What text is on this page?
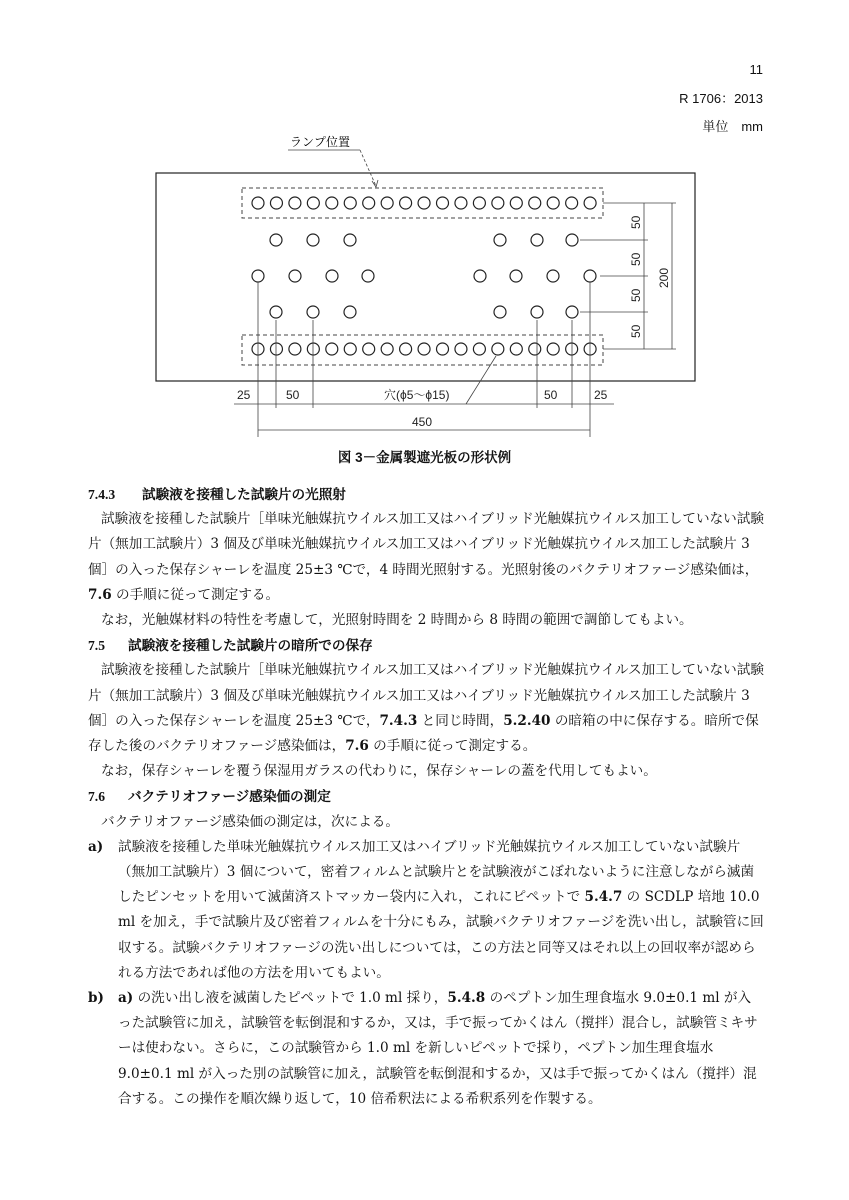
11
R 1706：2013
単位　mm
ランプ位置
25	50	穴(ϕ5～ϕ15)	50	25
450
50
50
50
50
200
図 3－金属製遮光板の形状例
7.4.3 試験液を接種した試験片の光照射

試験液を接種した試験片［単味光触媒抗ウイルス加工又はハイブリッド光触媒抗ウイルス加工していない試験片（無加工試験片）3 個及び単味光触媒抗ウイルス加工又はハイブリッド光触媒抗ウイルス加工した試験片 3 個］の入った保存シャーレを温度 25±3 ℃で，4 時間光照射する。光照射後のバクテリオファージ感染価は，7.6 の手順に従って測定する。

なお，光触媒材料の特性を考慮して，光照射時間を 2 時間から 8 時間の範囲で調節してもよい。

7.5 試験液を接種した試験片の暗所での保存

試験液を接種した試験片［単味光触媒抗ウイルス加工又はハイブリッド光触媒抗ウイルス加工していない試験片（無加工試験片）3 個及び単味光触媒抗ウイルス加工又はハイブリッド光触媒抗ウイルス加工した試験片 3 個］の入った保存シャーレを温度 25±3 ℃で，7.4.3 と同じ時間，5.2.40 の暗箱の中に保存する。暗所で保存した後のバクテリオファージ感染価は，7.6 の手順に従って測定する。

なお，保存シャーレを覆う保湿用ガラスの代わりに，保存シャーレの蓋を代用してもよい。

7.6 バクテリオファージ感染価の測定

バクテリオファージ感染価の測定は，次による。

a)	試験液を接種した単味光触媒抗ウイルス加工又はハイブリッド光触媒抗ウイルス加工していない試験片（無加工試験片）3 個について，密着フィルムと試験片とを試験液がこぼれないように注意しながら滅菌したピンセットを用いて滅菌済ストマッカー袋内に入れ，これにピペットで 5.4.7 の SCDLP 培地 10.0 ml を加え，手で試験片及び密着フィルムを十分にもみ，試験バクテリオファージを洗い出し，試験管に回収する。試験バクテリオファージの洗い出しについては，この方法と同等又はそれ以上の回収率が認められる方法であれば他の方法を用いてもよい。
b)	a) の洗い出し液を滅菌したピペットで 1.0 ml 採り，5.4.8 のペプトン加生理食塩水 9.0±0.1 ml が入った試験管に加え，試験管を転倒混和するか，又は，手で振ってかくはん（撹拌）混合し，試験管ミキサーは使わない。さらに，この試験管から 1.0 ml を新しいピペットで採り，ペプトン加生理食塩水 9.0±0.1 ml が入った別の試験管に加え，試験管を転倒混和するか，又は手で振ってかくはん（撹拌）混合する。この操作を順次繰り返して，10 倍希釈法による希釈系列を作製する。
